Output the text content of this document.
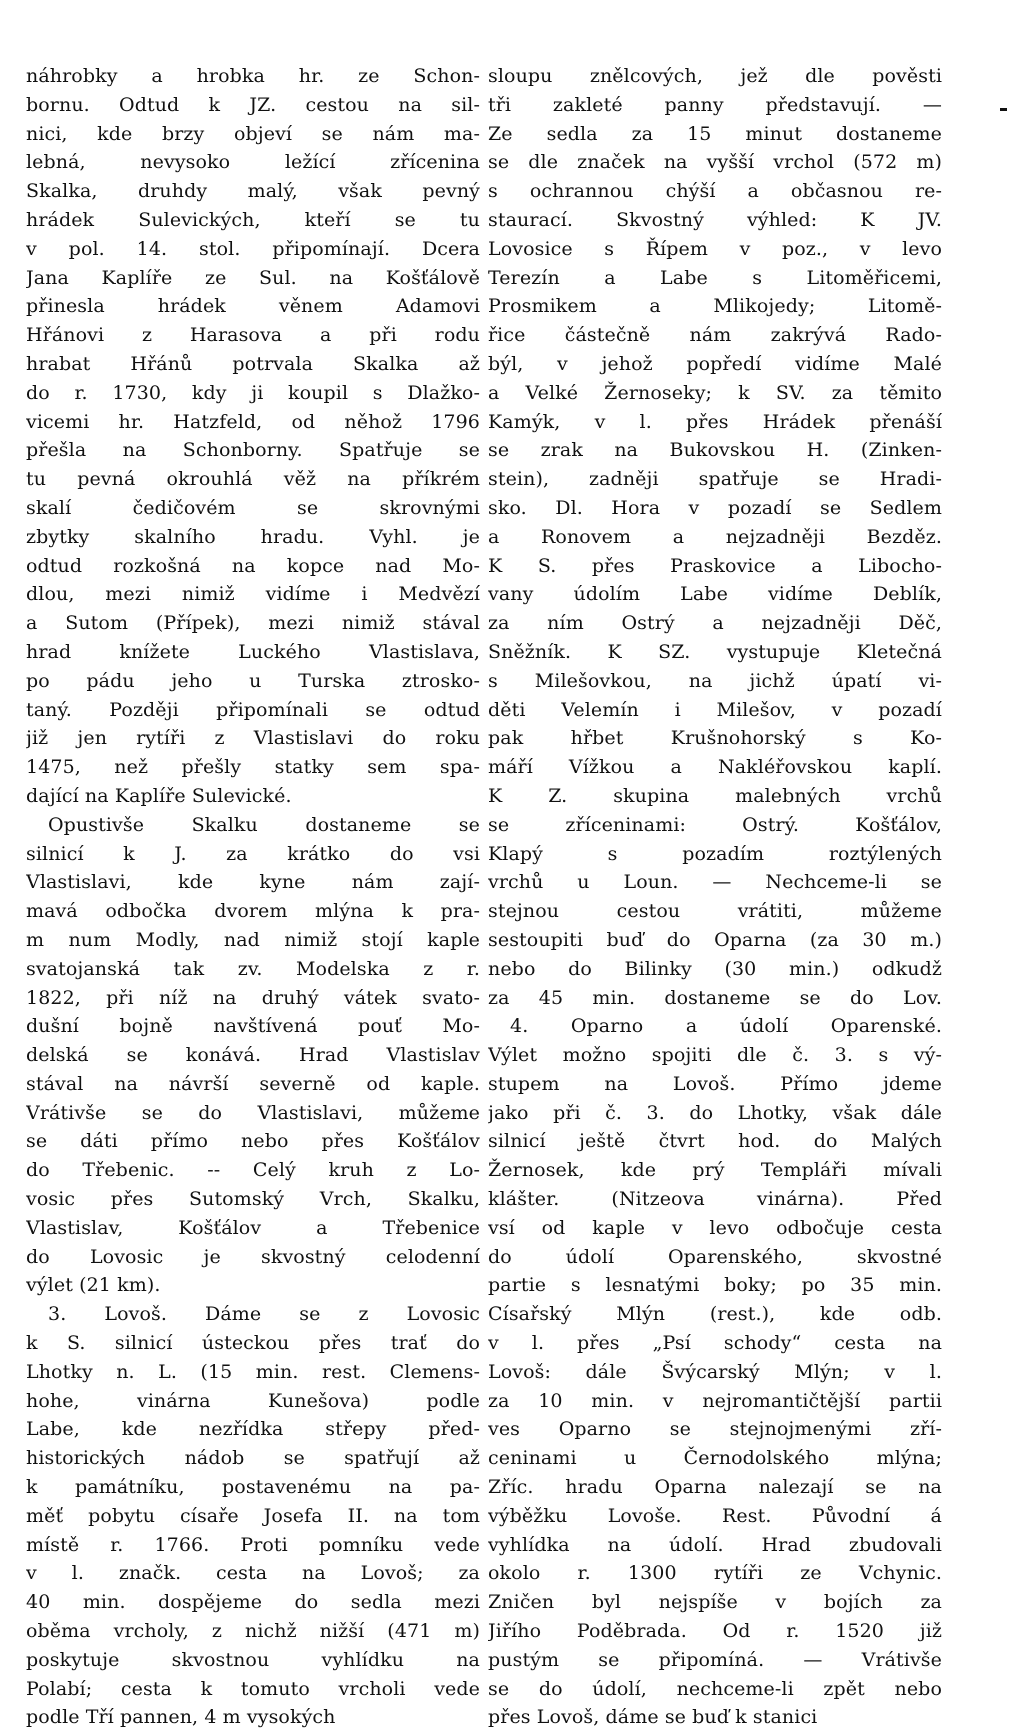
náhrobky a hrobka hr. ze Schon-
bornu. Odtud k JZ. cestou na sil-
nici, kde brzy objeví se nám ma-
lebná, nevysoko ležící zřícenina
Skalka, druhdy malý, však pevný
hrádek Sulevických, kteří se tu
v pol. 14. stol. připomínají. Dcera
Jana Kaplíře ze Sul. na Košťálově
přinesla hrádek věnem Adamovi
Hřánovi z Harasova a při rodu
hrabat Hřánů potrvala Skalka až
do r. 1730, kdy ji koupil s Dlažko-
vicemi hr. Hatzfeld, od něhož 1796
přešla na Schonborny. Spatřuje se
tu pevná okrouhlá věž na příkrém
skalí čedičovém se skrovnými
zbytky skalního hradu. Vyhl. je
odtud rozkošná na kopce nad Mo-
dlou, mezi nimiž vidíme i Medvězí
a Sutom (Přípek), mezi nimiž stával
hrad knížete Luckého Vlastislava,
po pádu jeho u Turska ztrosko-
taný. Později připomínali se odtud
již jen rytíři z Vlastislavi do roku
1475, než přešly statky sem spa-
dající na Kaplíře Sulevické.
Opustivše Skalku dostaneme se
silnicí k J. za krátko do vsi
Vlastislavi, kde kyne nám zají-
mavá odbočka dvorem mlýna k pra-
m num Modly, nad nimiž stojí kaple
svatojanská tak zv. Modelska z r.
1822, při níž na druhý vátek svato-
dušní bojně navštívená pouť Mo-
delská se konává. Hrad Vlastislav
stával na návrší severně od kaple.
Vrátivše se do Vlastislavi, můžeme
se dáti přímo nebo přes Košťálov
do Třebenic. -- Celý kruh z Lo-
vosic přes Sutomský Vrch, Skalku,
Vlastislav, Košťálov a Třebenice
do Lovosic je skvostný celodenní
výlet (21 km).
3. Lovoš. Dáme se z Lovosic
k S. silnicí ústeckou přes trať do
Lhotky n. L. (15 min. rest. Clemens-
hohe, vinárna Kunešova) podle
Labe, kde nezřídka střepy před-
historických nádob se spatřují až
k památníku, postavenému na pa-
měť pobytu císaře Josefa II. na tom
místě r. 1766. Proti pomníku vede
v l. značk. cesta na Lovoš; za
40 min. dospějeme do sedla mezi
oběma vrcholy, z nichž nižší (471 m)
poskytuje skvostnou vyhlídku na
Polabí; cesta k tomuto vrcholi vede
podle Tří pannen, 4 m vysokých
sloupu znělcových, jež dle pověsti
tři zakleté panny představují. —
Ze sedla za 15 minut dostaneme
se dle značek na vyšší vrchol (572 m)
s ochrannou chýší a občasnou re-
staurací. Skvostný výhled: K JV.
Lovosice s Řípem v poz., v levo
Terezín a Labe s Litoměřicemi,
Prosmikem a Mlikojedy; Litomě-
řice částečně nám zakrývá Rado-
býl, v jehož popředí vidíme Malé
a Velké Žernoseky; k SV. za těmito
Kamýk, v l. přes Hrádek přenáší
se zrak na Bukovskou H. (Zinken-
stein), zadněji spatřuje se Hradi-
sko. Dl. Hora v pozadí se Sedlem
a Ronovem a nejzadněji Bezděz.
K S. přes Praskovice a Libocho-
vany údolím Labe vidíme Deblík,
za ním Ostrý a nejzadněji Děč,
Sněžník. K SZ. vystupuje Kletečná
s Milešovkou, na jichž úpatí vi-
děti Velemín i Milešov, v pozadí
pak hřbet Krušnohorský s Ko-
máří Vížkou a Nakléřovskou kaplí.
K Z. skupina malebných vrchů
se zříceninami: Ostrý. Košťálov,
Klapý s pozadím roztýlených
vrchů u Loun. — Nechceme-li se
stejnou cestou vrátiti, můžeme
sestoupiti buď do Oparna (za 30 m.)
nebo do Bilinky (30 min.) odkudž
za 45 min. dostaneme se do Lov.
4. Oparno a údolí Oparenské.
Výlet možno spojiti dle č. 3. s vý-
stupem na Lovoš. Přímo jdeme
jako při č. 3. do Lhotky, však dále
silnicí ještě čtvrt hod. do Malých
Žernosek, kde prý Templáři mívali
klášter. (Nitzeova vinárna). Před
vsí od kaple v levo odbočuje cesta
do údolí Oparenského, skvostné
partie s lesnatými boky; po 35 min.
Císařský Mlýn (rest.), kde odb.
v l. přes „Psí schody“ cesta na
Lovoš: dále Švýcarský Mlýn; v l.
za 10 min. v nejromantičtější partii
ves Oparno se stejnojmenými zří-
ceninami u Černodolského mlýna;
Zříc. hradu Oparna nalezají se na
výběžku Lovoše. Rest. Původní á
vyhlídka na údolí. Hrad zbudovali
okolo r. 1300 rytíři ze Vchynic.
Zničen byl nejspíše v bojích za
Jiřího Poděbrada. Od r. 1520 již
pustým se připomíná. — Vrátivše
se do údolí, nechceme-li zpět nebo
přes Lovoš, dáme se buď k stanici
